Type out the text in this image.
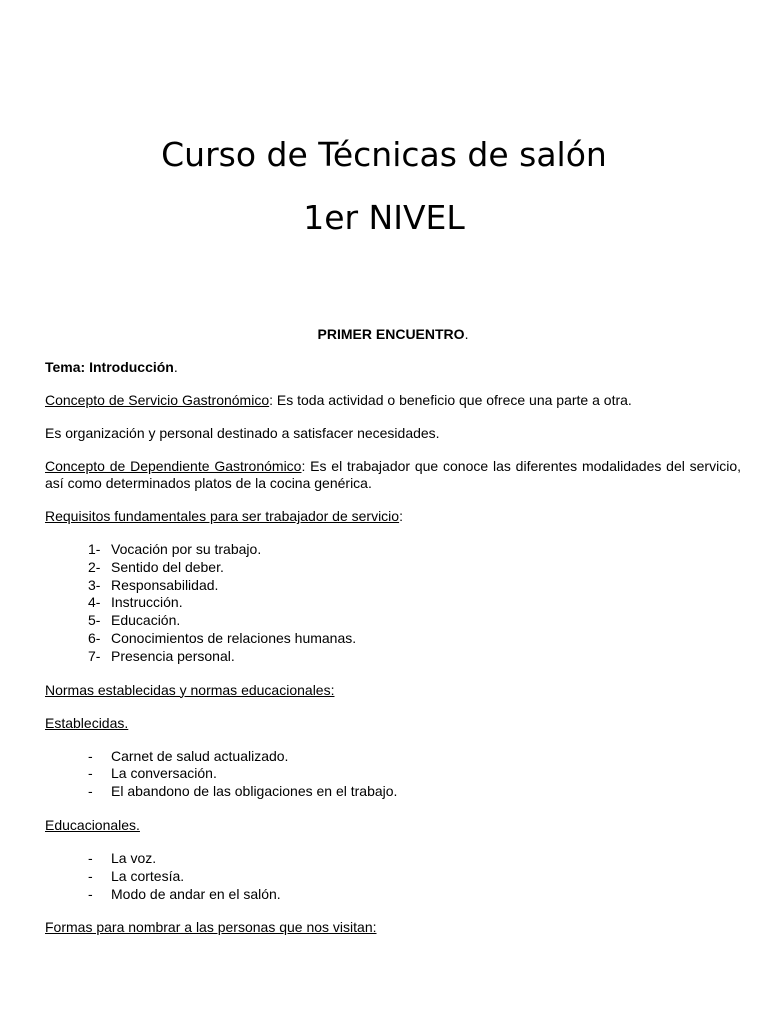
Curso de Técnicas de salón
1er NIVEL

PRIMER ENCUENTRO.

Tema: Introducción.

Concepto de Servicio Gastronómico: Es toda actividad o beneficio que ofrece una parte a otra.

Es organización y personal destinado a satisfacer necesidades.

Concepto de Dependiente Gastronómico: Es el trabajador que conoce las diferentes modalidades del servicio, así como determinados platos de la cocina genérica.

Requisitos fundamentales para ser trabajador de servicio:

1- Vocación por su trabajo.
2- Sentido del deber.
3- Responsabilidad.
4- Instrucción.
5- Educación.
6- Conocimientos de relaciones humanas.
7- Presencia personal.

Normas establecidas y normas educacionales:

Establecidas.

- Carnet de salud actualizado.
- La conversación.
- El abandono de las obligaciones en el trabajo.

Educacionales.

- La voz.
- La cortesía.
- Modo de andar en el salón.

Formas para nombrar a las personas que nos visitan:
